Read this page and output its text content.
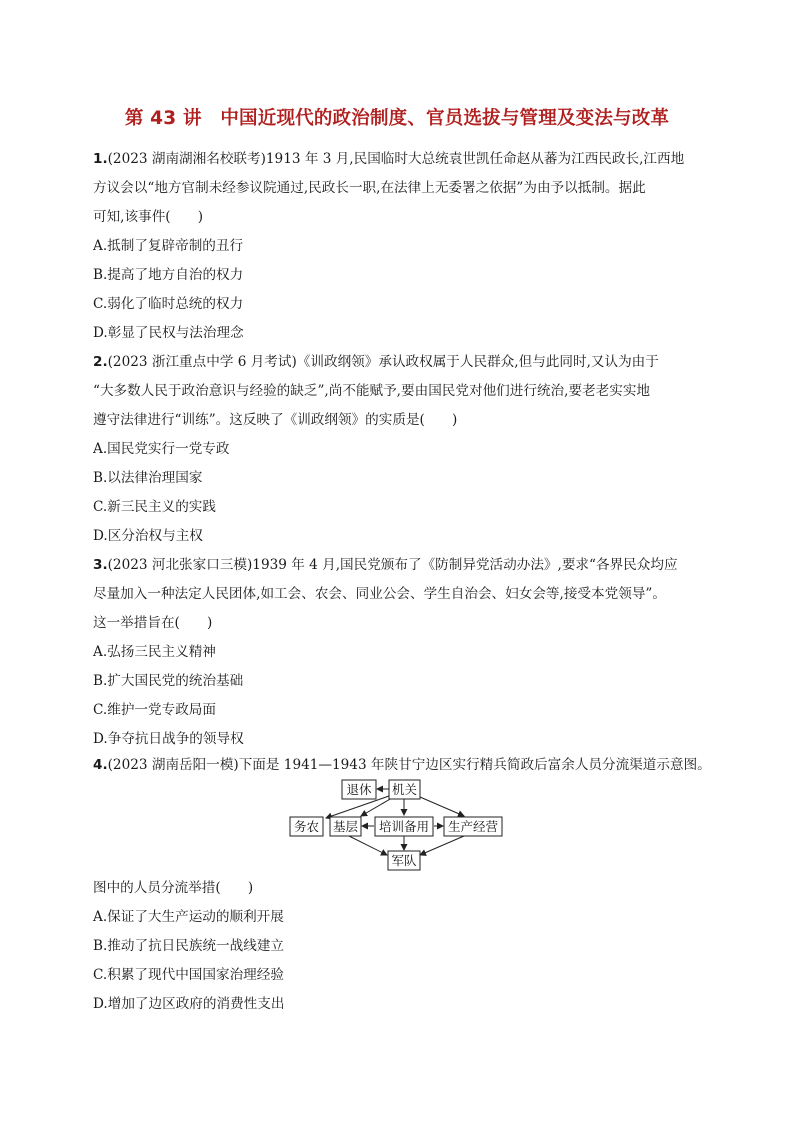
第 43 讲　中国近现代的政治制度、官员选拔与管理及变法与改革
1.(2023 湖南湖湘名校联考)1913 年 3 月,民国临时大总统袁世凯任命赵从蕃为江西民政长,江西地
方议会以“地方官制未经参议院通过,民政长一职,在法律上无委署之依据”为由予以抵制。据此
可知,该事件(　　)
A.抵制了复辟帝制的丑行
B.提高了地方自治的权力
C.弱化了临时总统的权力
D.彰显了民权与法治理念
2.(2023 浙江重点中学 6 月考试)《训政纲领》承认政权属于人民群众,但与此同时,又认为由于
“大多数人民于政治意识与经验的缺乏”,尚不能赋予,要由国民党对他们进行统治,要老老实实地
遵守法律进行“训练”。这反映了《训政纲领》的实质是(　　)
A.国民党实行一党专政
B.以法律治理国家
C.新三民主义的实践
D.区分治权与主权
3.(2023 河北张家口三模)1939 年 4 月,国民党颁布了《防制异党活动办法》,要求“各界民众均应
尽量加入一种法定人民团体,如工会、农会、同业公会、学生自治会、妇女会等,接受本党领导”。
这一举措旨在(　　)
A.弘扬三民主义精神
B.扩大国民党的统治基础
C.维护一党专政局面
D.争夺抗日战争的领导权
4.(2023 湖南岳阳一模)下面是 1941—1943 年陕甘宁边区实行精兵简政后富余人员分流渠道示意图。
退休 机关
务农 基层 培训备用 生产经营
军队
图中的人员分流举措(　　)
A.保证了大生产运动的顺利开展
B.推动了抗日民族统一战线建立
C.积累了现代中国国家治理经验
D.增加了边区政府的消费性支出
